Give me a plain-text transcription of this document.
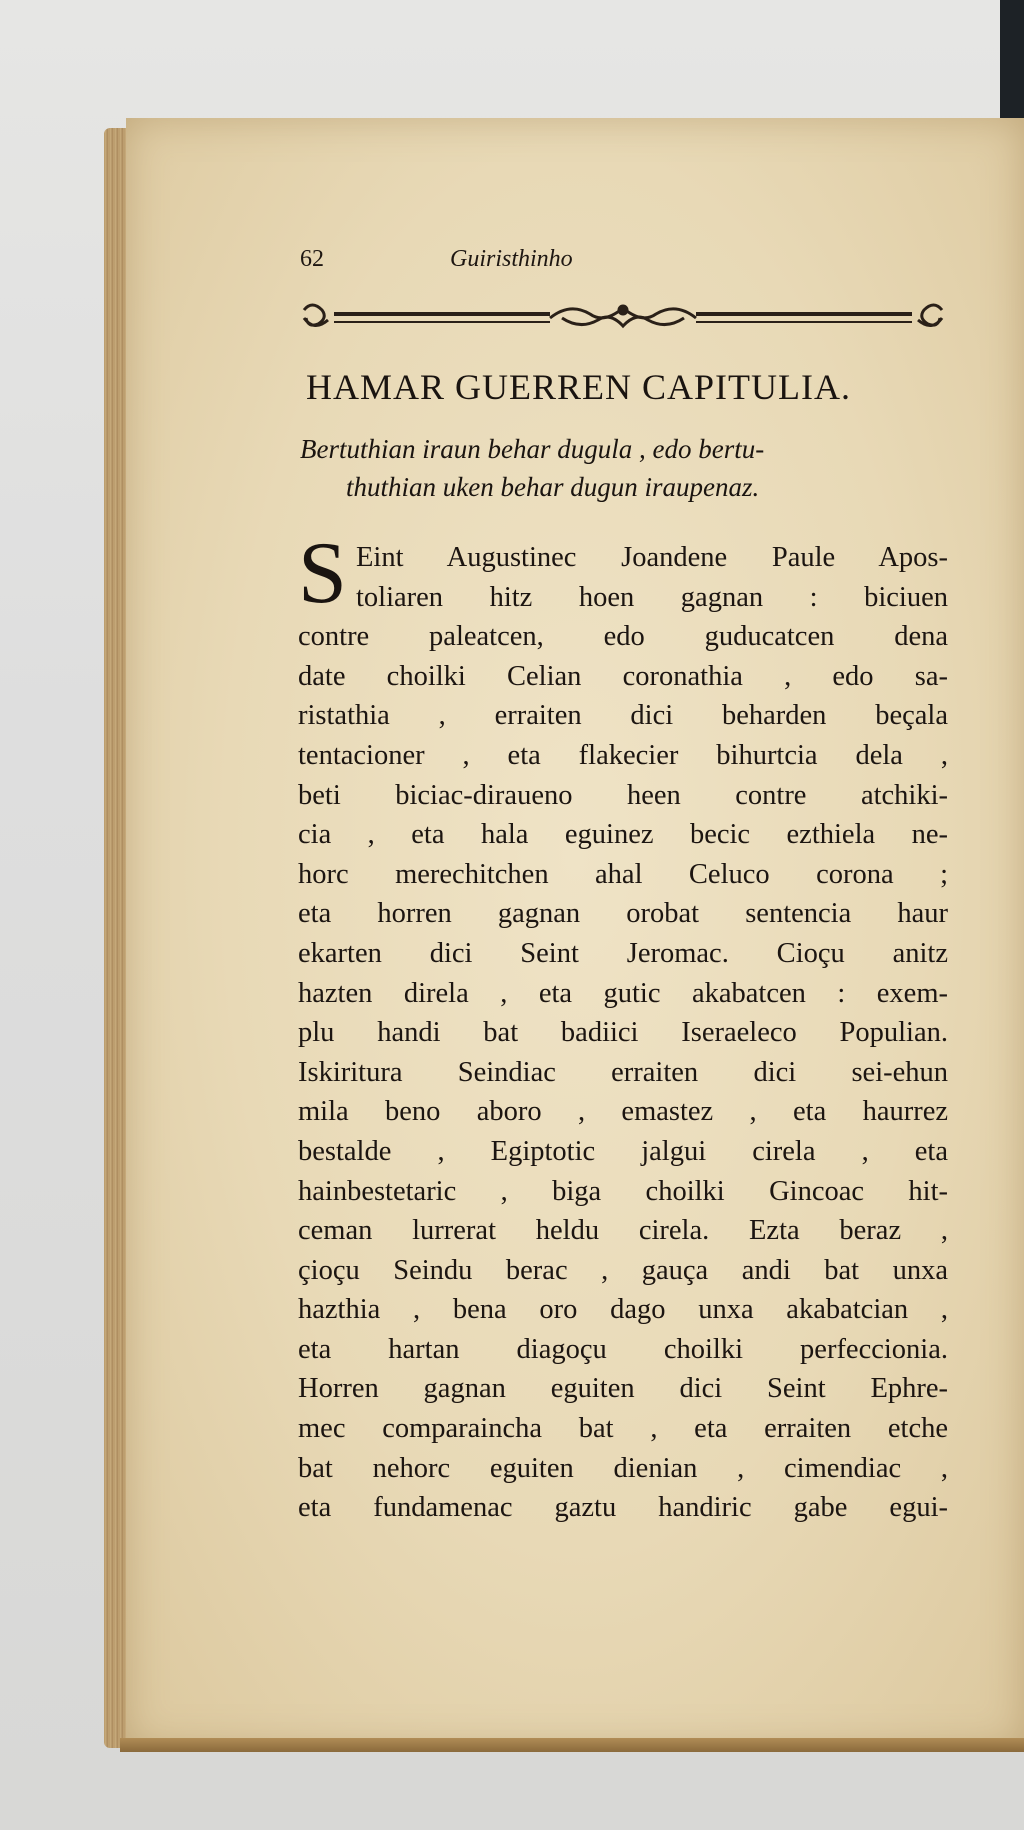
62	Guiristhinho
HAMAR GUERREN CAPITULIA.
Bertuthian iraun behar dugula , edo bertu-
thuthian uken behar dugun iraupenaz.
S Eint Augustinec Joandene Paule Apos-
toliaren hitz hoen gagnan : biciuen
contre paleatcen, edo guducatcen dena
date choilki Celian coronathia , edo sa-
ristathia , erraiten dici beharden beçala
tentacioner , eta flakecier bihurtcia dela ,
beti biciac-diraueno heen contre atchiki-
cia , eta hala eguinez becic ezthiela ne-
horc merechitchen ahal Celuco corona ;
eta horren gagnan orobat sentencia haur
ekarten dici Seint Jeromac. Cioçu anitz
hazten direla , eta gutic akabatcen : exem-
plu handi bat badiici Iseraeleco Populian.
Iskiritura Seindiac erraiten dici sei-ehun
mila beno aboro , emastez , eta haurrez
bestalde , Egiptotic jalgui cirela , eta
hainbestetaric , biga choilki Gincoac hit-
ceman lurrerat heldu cirela. Ezta beraz ,
çioçu Seindu berac , gauça andi bat unxa
hazthia , bena oro dago unxa akabatcian ,
eta hartan diagoçu choilki perfeccionia.
Horren gagnan eguiten dici Seint Ephre-
mec comparaincha bat , eta erraiten etche
bat nehorc eguiten dienian , cimendiac ,
eta fundamenac gaztu handiric gabe egui-
